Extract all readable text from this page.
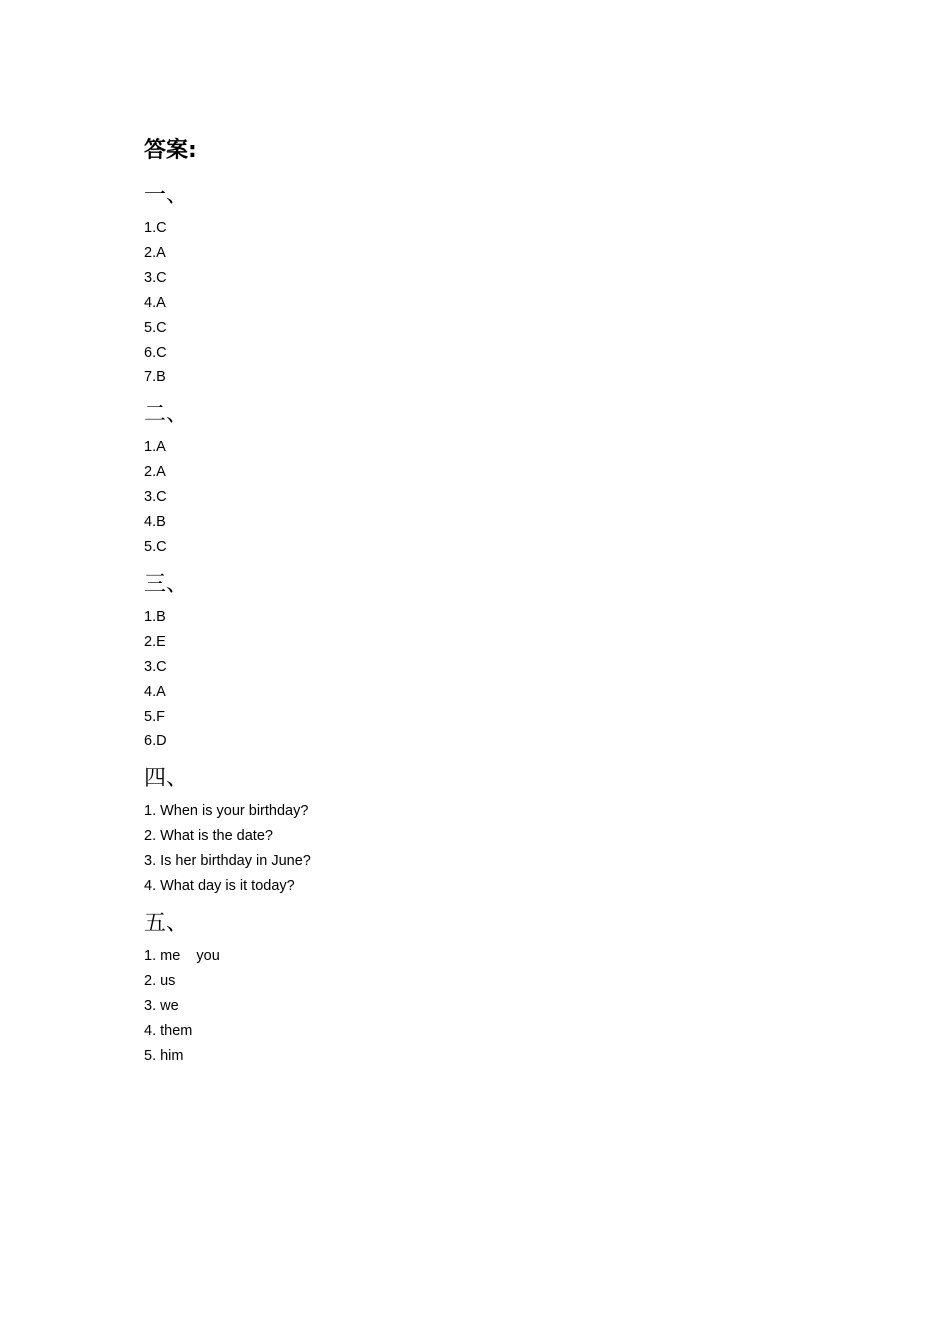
答案:
一、
1.C
2.A
3.C
4.A
5.C
6.C
7.B
二、
1.A
2.A
3.C
4.B
5.C
三、
1.B
2.E
3.C
4.A
5.F
6.D
四、
1. When is your birthday?
2. What is the date?
3. Is her birthday in June?
4. What day is it today?
五、
1. me    you
2. us
3. we
4. them
5. him
